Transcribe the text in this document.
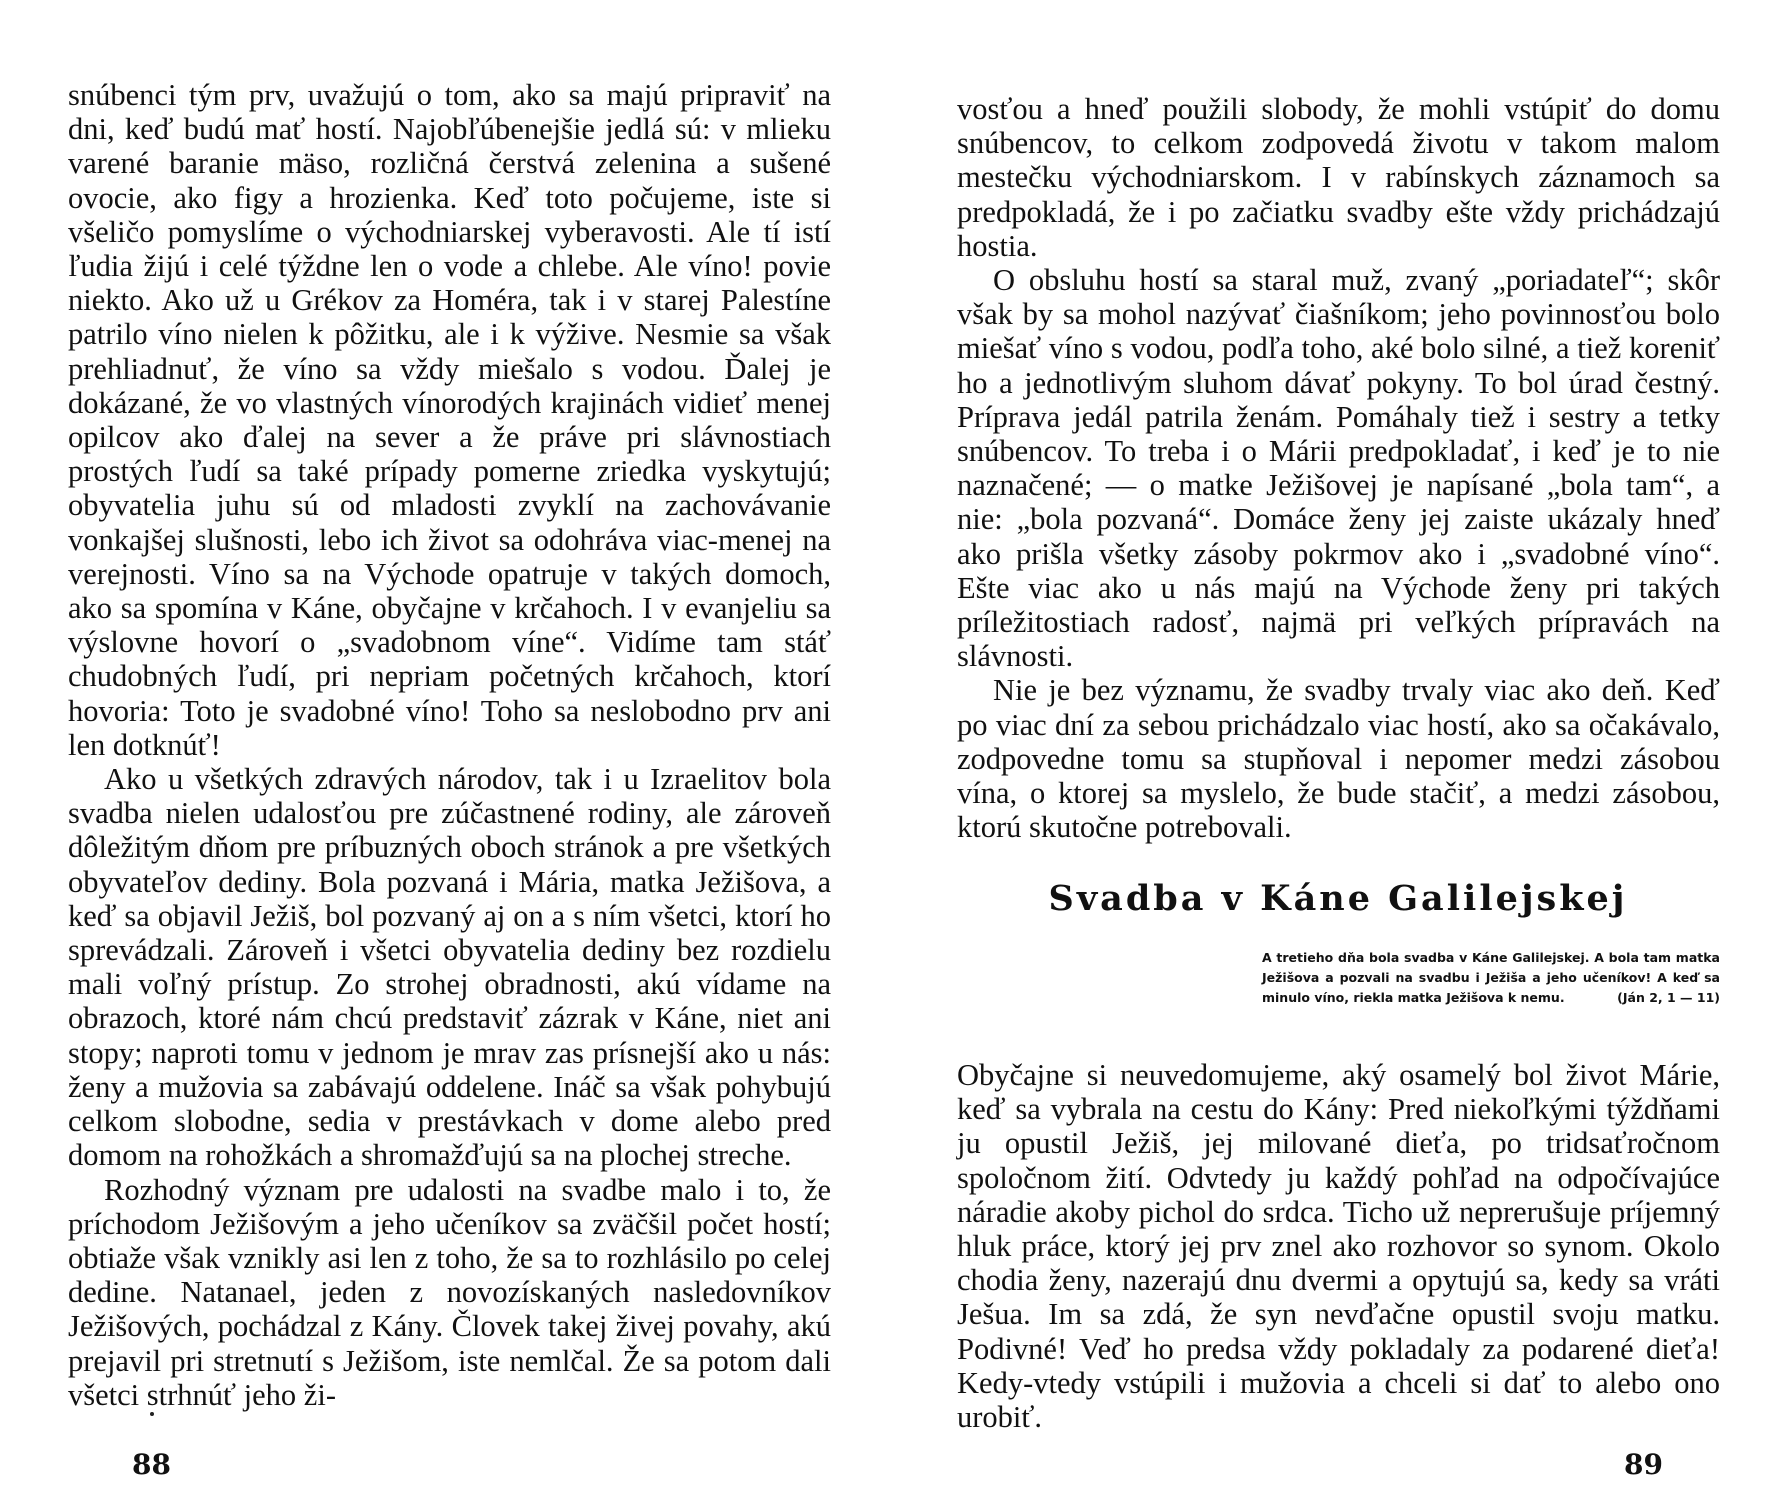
snúbenci tým prv, uvažujú o tom, ako sa majú pripraviť na dni, keď budú mať hostí. Najobľúbenejšie jedlá sú: v mlieku varené baranie mäso, rozličná čerstvá zelenina a sušené ovocie, ako figy a hrozienka. Keď toto počujeme, iste si všeličo pomyslíme o východniarskej vyberavosti. Ale tí istí ľudia žijú i celé týždne len o vode a chlebe. Ale víno! povie niekto. Ako už u Grékov za Homéra, tak i v starej Palestíne patrilo víno nielen k pôžitku, ale i k výžive. Nesmie sa však prehliadnuť, že víno sa vždy miešalo s vodou. Ďalej je dokázané, že vo vlastných vínorodých krajinách vidieť menej opilcov ako ďalej na sever a že práve pri slávnostiach prostých ľudí sa také prípady pomerne zriedka vyskytujú; obyvatelia juhu sú od mladosti zvyklí na zachovávanie vonkajšej slušnosti, lebo ich život sa odohráva viac-menej na verejnosti. Víno sa na Východe opatruje v takých domoch, ako sa spomína v Káne, obyčajne v krčahoch. I v evanjeliu sa výslovne hovorí o „svadobnom víne“. Vidíme tam stáť chudobných ľudí, pri nepriam početných krčahoch, ktorí hovoria: Toto je svadobné víno! Toho sa neslobodno prv ani len dotknúť!

Ako u všetkých zdravých národov, tak i u Izraelitov bola svadba nielen udalosťou pre zúčastnené rodiny, ale zároveň dôležitým dňom pre príbuzných oboch stránok a pre všetkých obyvateľov dediny. Bola pozvaná i Mária, matka Ježišova, a keď sa objavil Ježiš, bol pozvaný aj on a s ním všetci, ktorí ho sprevádzali. Zároveň i všetci obyvatelia dediny bez rozdielu mali voľný prístup. Zo strohej obradnosti, akú vídame na obrazoch, ktoré nám chcú predstaviť zázrak v Káne, niet ani stopy; naproti tomu v jednom je mrav zas prísnejší ako u nás: ženy a mužovia sa zabávajú oddelene. Ináč sa však pohybujú celkom slobodne, sedia v prestávkach v dome alebo pred domom na rohožkách a shromažďujú sa na plochej streche.

Rozhodný význam pre udalosti na svadbe malo i to, že príchodom Ježišovým a jeho učeníkov sa zväčšil počet hostí; obtiaže však vznikly asi len z toho, že sa to rozhlásilo po celej dedine. Natanael, jeden z novozískaných nasledovníkov Ježišových, pochádzal z Kány. Človek takej živej povahy, akú prejavil pri stretnutí s Ježišom, iste nemlčal. Že sa potom dali všetci strhnúť jeho ži-

88

vosťou a hneď použili slobody, že mohli vstúpiť do domu snúbencov, to celkom zodpovedá životu v takom malom mestečku východniarskom. I v rabínskych záznamoch sa predpokladá, že i po začiatku svadby ešte vždy prichádzajú hostia.

O obsluhu hostí sa staral muž, zvaný „poriadateľ“; skôr však by sa mohol nazývať čiašníkom; jeho povinnosťou bolo miešať víno s vodou, podľa toho, aké bolo silné, a tiež koreniť ho a jednotlivým sluhom dávať pokyny. To bol úrad čestný. Príprava jedál patrila ženám. Pomáhaly tiež i sestry a tetky snúbencov. To treba i o Márii predpokladať, i keď je to nie naznačené; — o matke Ježišovej je napísané „bola tam“, a nie: „bola pozvaná“. Domáce ženy jej zaiste ukázaly hneď ako prišla všetky zásoby pokrmov ako i „svadobné víno“. Ešte viac ako u nás majú na Východe ženy pri takých príležitostiach radosť, najmä pri veľkých prípravách na slávnosti.

Nie je bez významu, že svadby trvaly viac ako deň. Keď po viac dní za sebou prichádzalo viac hostí, ako sa očakávalo, zodpovedne tomu sa stupňoval i nepomer medzi zásobou vína, o ktorej sa myslelo, že bude stačiť, a medzi zásobou, ktorú skutočne potrebovali.

Svadba v Káne Galilejskej

A tretieho dňa bola svadba v Káne Galilejskej. A bola tam matka Ježišova a pozvali na svadbu i Ježiša a jeho učeníkov! A keď sa minulo víno, riekla matka Ježišova k nemu.	(Ján 2, 1 — 11)

Obyčajne si neuvedomujeme, aký osamelý bol život Márie, keď sa vybrala na cestu do Kány: Pred niekoľkými týždňami ju opustil Ježiš, jej milované dieťa, po tridsaťročnom spoločnom žití. Odvtedy ju každý pohľad na odpočívajúce náradie akoby pichol do srdca. Ticho už neprerušuje príjemný hluk práce, ktorý jej prv znel ako rozhovor so synom. Okolo chodia ženy, nazerajú dnu dvermi a opytujú sa, kedy sa vráti Ješua. Im sa zdá, že syn nevďačne opustil svoju matku. Podivné! Veď ho predsa vždy pokladaly za podarené dieťa! Kedy-vtedy vstúpili i mužovia a chceli si dať to alebo ono urobiť.

89
